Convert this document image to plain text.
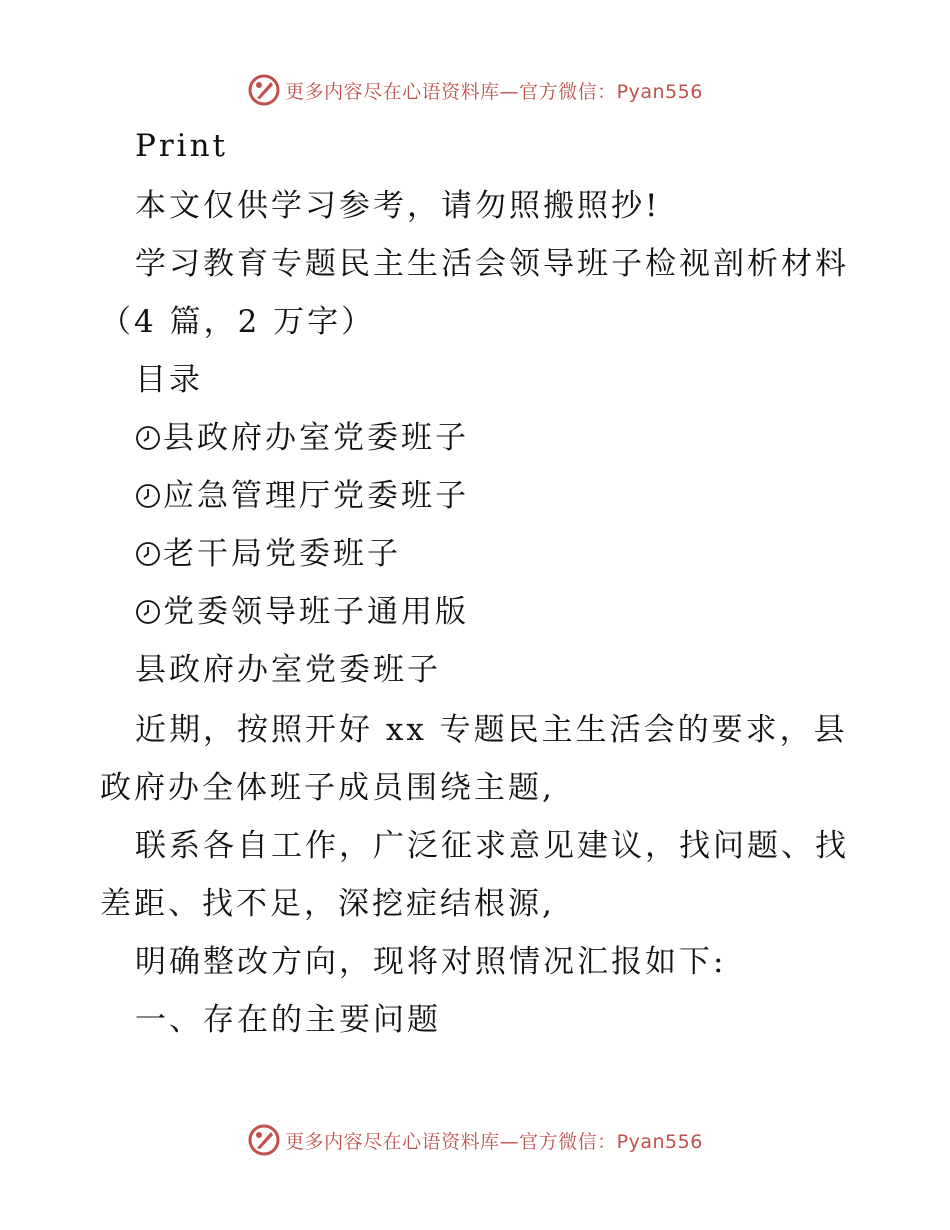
更多内容尽在心语资料库—官方微信：Pyan556
Print
本文仅供学习参考，请勿照搬照抄!
学习教育专题民主生活会领导班子检视剖析材料
（4 篇，2 万字）
目录
县政府办室党委班子
应急管理厅党委班子
老干局党委班子
党委领导班子通用版
县政府办室党委班子
近期，按照开好 xx 专题民主生活会的要求，县
政府办全体班子成员围绕主题,
联系各自工作，广泛征求意见建议，找问题、找
差距、找不足，深挖症结根源,
明确整改方向，现将对照情况汇报如下:
一、存在的主要问题
更多内容尽在心语资料库—官方微信：Pyan556
